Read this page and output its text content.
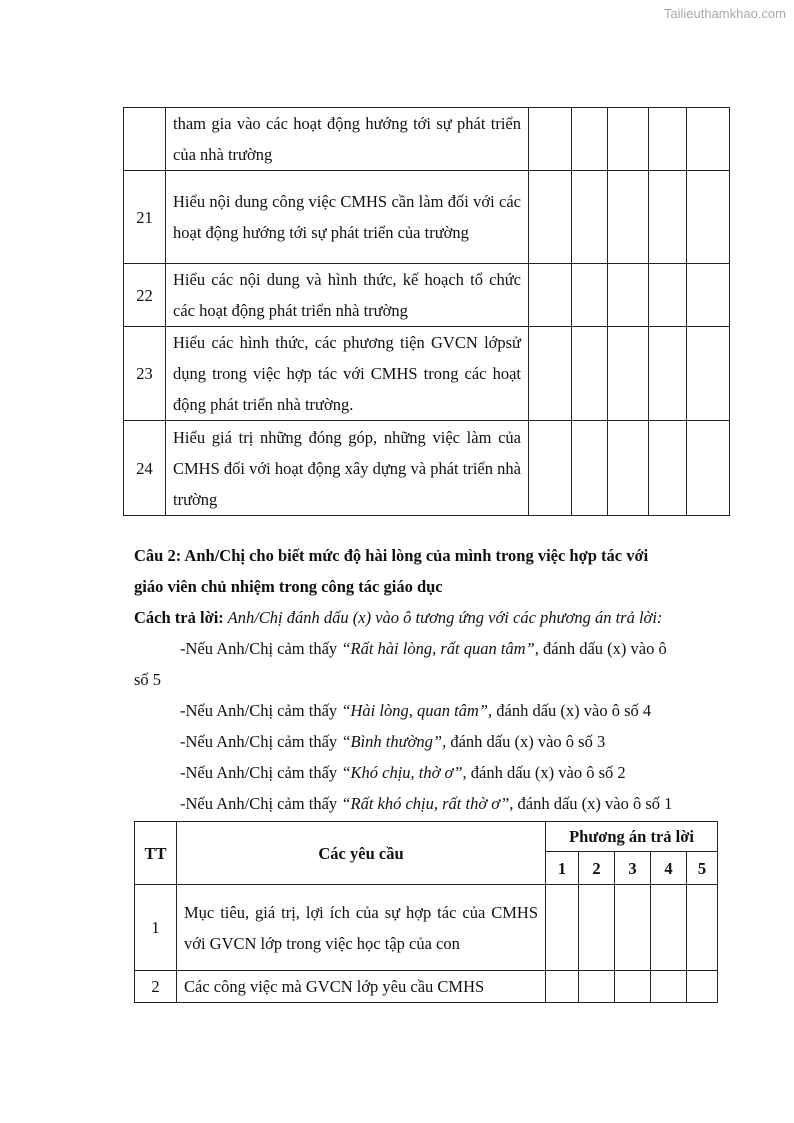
Tailieuthamkhao.com
	tham gia vào các hoạt động hướng tới sự phát triển của nhà trường					
21	Hiểu nội dung công việc CMHS cần làm đối với các hoạt động hướng tới sự phát triển của trường					
22	Hiểu các nội dung và hình thức, kế hoạch tổ chức các hoạt động phát triển nhà trường					
23	Hiểu các hình thức, các phương tiện GVCN lớpsử dụng trong việc hợp tác với CMHS trong các hoạt động phát triển nhà trường.					
24	Hiểu giá trị những đóng góp, những việc làm của CMHS đối với hoạt động xây dựng và phát triển nhà trường					
Câu 2: Anh/Chị cho biết mức độ hài lòng của mình trong việc hợp tác với
giáo viên chủ nhiệm trong công tác giáo dục
Cách trả lời: Anh/Chị đánh dấu (x) vào ô tương ứng với các phương án trả lời:
-Nếu Anh/Chị cảm thấy “Rất hài lòng, rất quan tâm”, đánh dấu (x) vào ô
số 5
-Nếu Anh/Chị cảm thấy “Hài lòng, quan tâm”, đánh dấu (x) vào ô số 4
-Nếu Anh/Chị cảm thấy “Bình thường”, đánh dấu (x) vào ô số 3
-Nếu Anh/Chị cảm thấy “Khó chịu, thờ ơ”, đánh dấu (x) vào ô số 2
-Nếu Anh/Chị cảm thấy “Rất khó chịu, rất thờ ơ”, đánh dấu (x) vào ô số 1
TT	Các yêu cầu	Phương án trả lời				
		1	2	3	4	5
1	Mục tiêu, giá trị, lợi ích của sự hợp tác của CMHS với GVCN lớp trong việc học tập của con					
2	Các công việc mà GVCN lớp yêu cầu CMHS					
